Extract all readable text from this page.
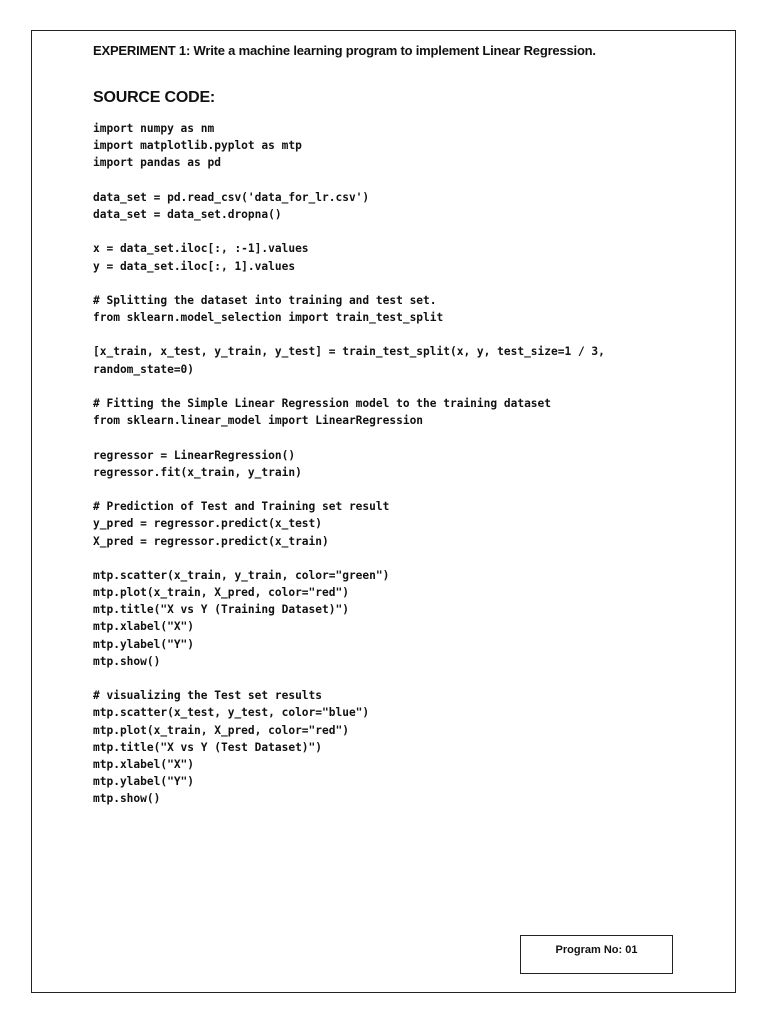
EXPERIMENT 1: Write a machine learning program to implement Linear Regression.
SOURCE CODE:
import numpy as nm
import matplotlib.pyplot as mtp
import pandas as pd
data_set = pd.read_csv('data_for_lr.csv')
data_set = data_set.dropna()
x = data_set.iloc[:, :-1].values
y = data_set.iloc[:, 1].values
# Splitting the dataset into training and test set.
from sklearn.model_selection import train_test_split
[x_train, x_test, y_train, y_test] = train_test_split(x, y, test_size=1 / 3,
random_state=0)
# Fitting the Simple Linear Regression model to the training dataset
from sklearn.linear_model import LinearRegression
regressor = LinearRegression()
regressor.fit(x_train, y_train)
# Prediction of Test and Training set result
y_pred = regressor.predict(x_test)
X_pred = regressor.predict(x_train)
mtp.scatter(x_train, y_train, color="green")
mtp.plot(x_train, X_pred, color="red")
mtp.title("X vs Y (Training Dataset)")
mtp.xlabel("X")
mtp.ylabel("Y")
mtp.show()
# visualizing the Test set results
mtp.scatter(x_test, y_test, color="blue")
mtp.plot(x_train, X_pred, color="red")
mtp.title("X vs Y (Test Dataset)")
mtp.xlabel("X")
mtp.ylabel("Y")
mtp.show()
Program No: 01
